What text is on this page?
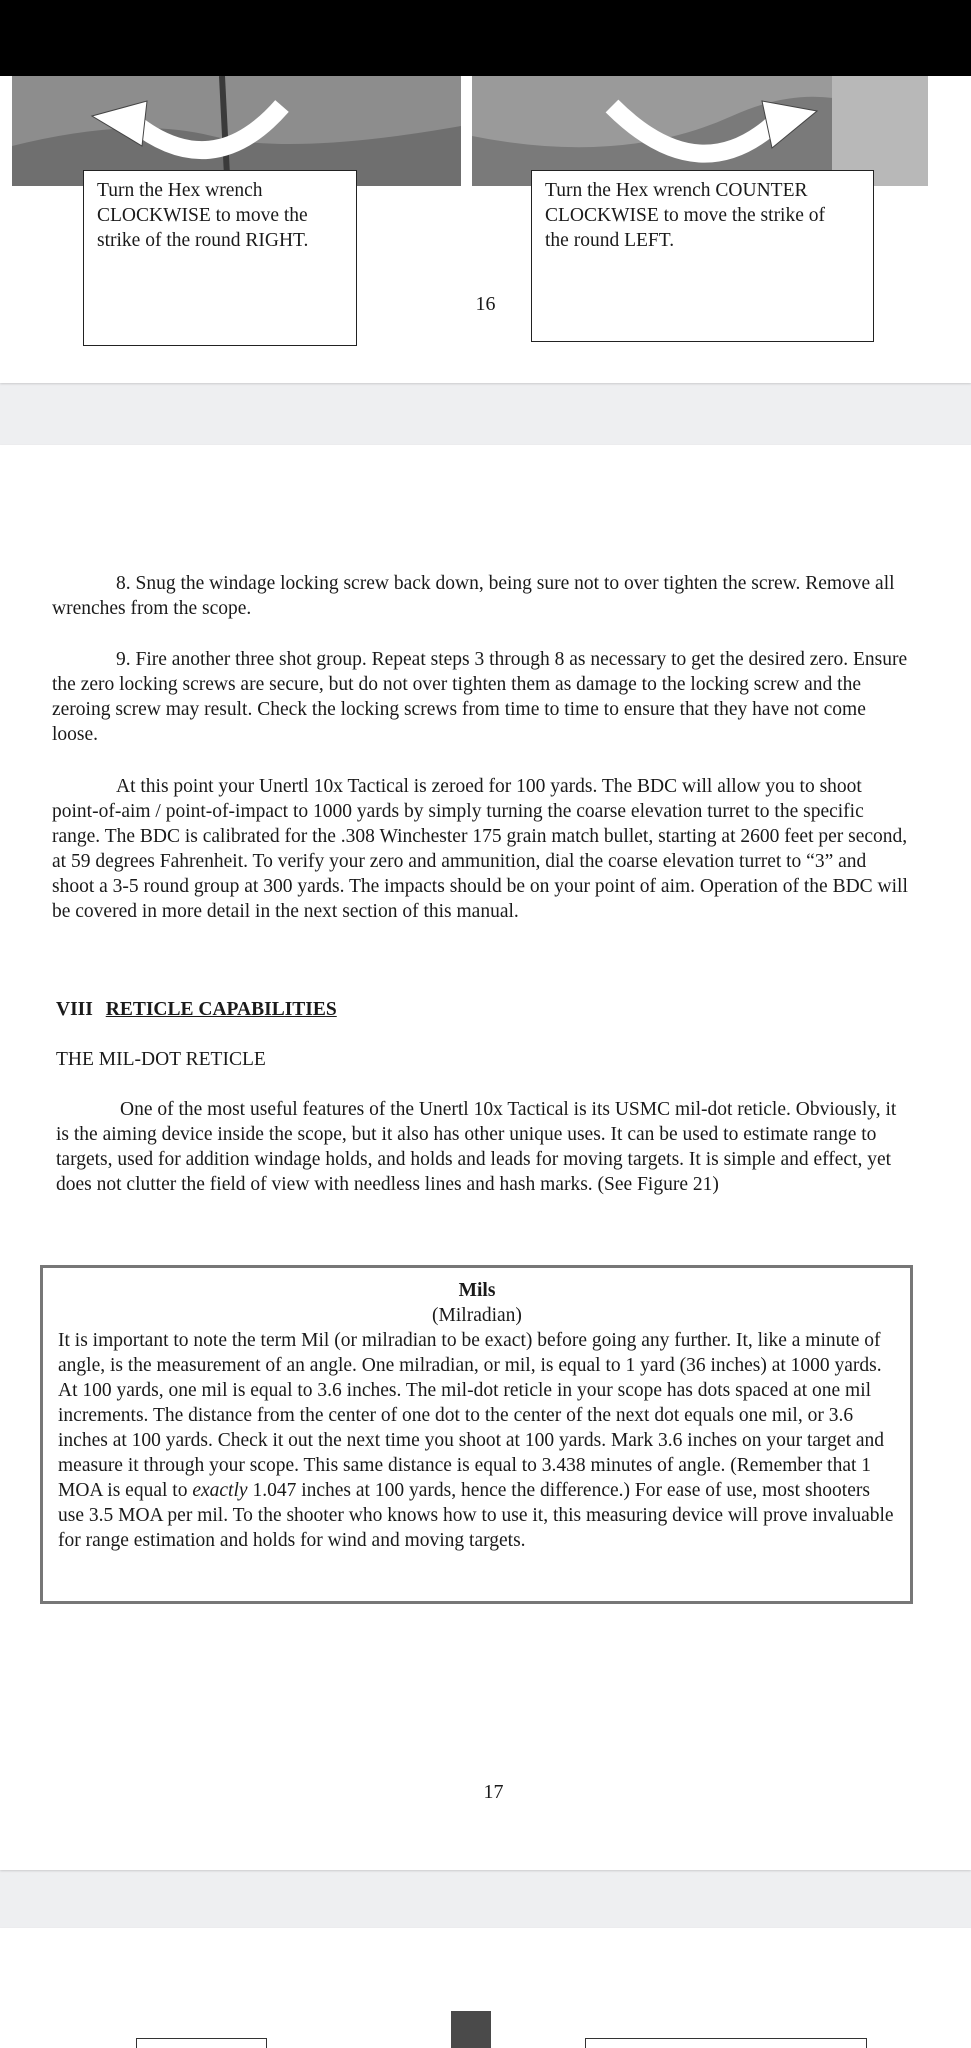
Turn the Hex wrench
CLOCKWISE to move the
strike of the round RIGHT.
Turn the Hex wrench COUNTER
CLOCKWISE to move the strike of
the round LEFT.
16

8. Snug the windage locking screw back down, being sure not to over tighten the screw. Remove all wrenches from the scope.

9. Fire another three shot group. Repeat steps 3 through 8 as necessary to get the desired zero. Ensure the zero locking screws are secure, but do not over tighten them as damage to the locking screw and the zeroing screw may result. Check the locking screws from time to time to ensure that they have not come loose.

At this point your Unertl 10x Tactical is zeroed for 100 yards. The BDC will allow you to shoot point-of-aim / point-of-impact to 1000 yards by simply turning the coarse elevation turret to the specific range. The BDC is calibrated for the .308 Winchester 175 grain match bullet, starting at 2600 feet per second, at 59 degrees Fahrenheit. To verify your zero and ammunition, dial the coarse elevation turret to “3” and shoot a 3-5 round group at 300 yards. The impacts should be on your point of aim. Operation of the BDC will be covered in more detail in the next section of this manual.

VIII RETICLE CAPABILITIES
THE MIL-DOT RETICLE

One of the most useful features of the Unertl 10x Tactical is its USMC mil-dot reticle. Obviously, it is the aiming device inside the scope, but it also has other unique uses. It can be used to estimate range to targets, used for addition windage holds, and holds and leads for moving targets. It is simple and effect, yet does not clutter the field of view with needless lines and hash marks. (See Figure 21)

Mils

(Milradian)

It is important to note the term Mil (or milradian to be exact) before going any further. It, like a minute of angle, is the measurement of an angle. One milradian, or mil, is equal to 1 yard (36 inches) at 1000 yards. At 100 yards, one mil is equal to 3.6 inches. The mil-dot reticle in your scope has dots spaced at one mil increments. The distance from the center of one dot to the center of the next dot equals one mil, or 3.6 inches at 100 yards. Check it out the next time you shoot at 100 yards. Mark 3.6 inches on your target and measure it through your scope. This same distance is equal to 3.438 minutes of angle. (Remember that 1 MOA is equal to exactly 1.047 inches at 100 yards, hence the difference.) For ease of use, most shooters use 3.5 MOA per mil. To the shooter who knows how to use it, this measuring device will prove invaluable for range estimation and holds for wind and moving targets.

17
